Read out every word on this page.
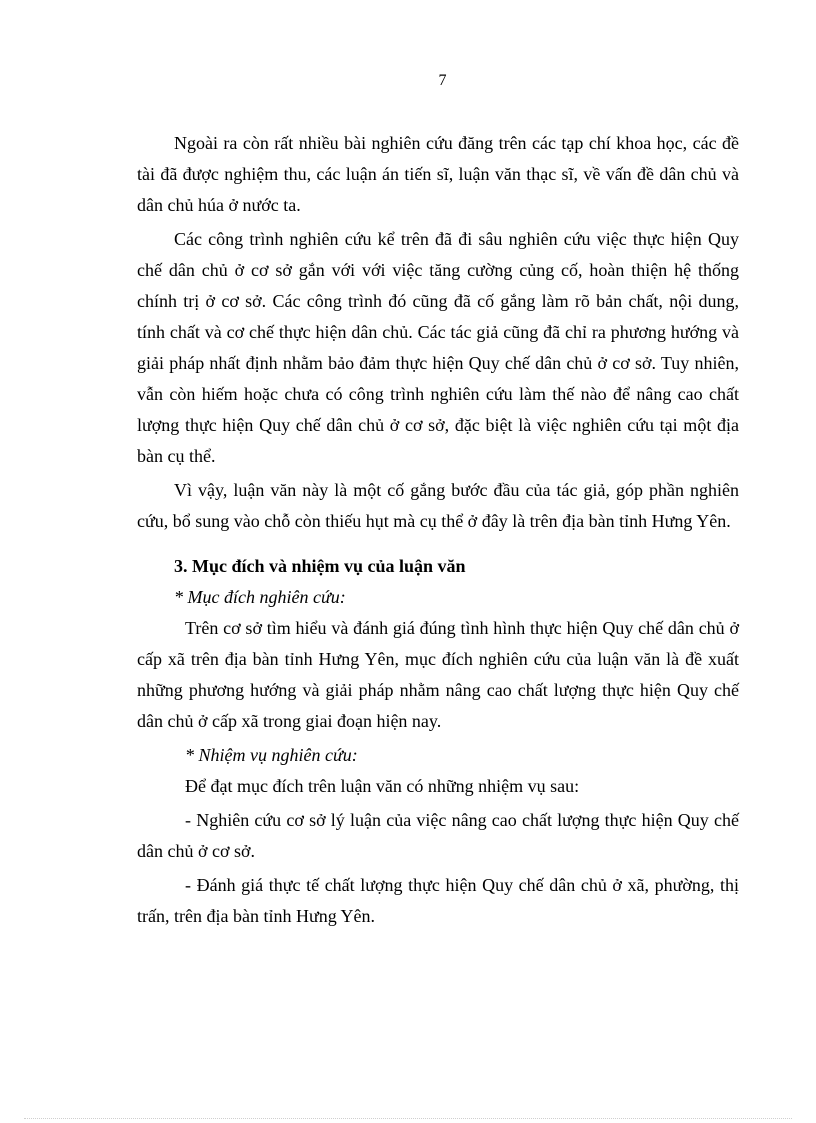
7

Ngoài ra còn rất nhiều bài nghiên cứu đăng trên các tạp chí khoa học, các đề tài đã được nghiệm thu, các luận án tiến sĩ, luận văn thạc sĩ, về vấn đề dân chủ và dân chủ húa ở nước ta.

Các công trình nghiên cứu kể trên đã đi sâu nghiên cứu việc thực hiện Quy chế dân chủ ở cơ sở gắn với với việc tăng cường củng cố, hoàn thiện hệ thống chính trị ở cơ sở. Các công trình đó cũng đã cố gắng làm rõ bản chất, nội dung, tính chất và cơ chế thực hiện dân chủ. Các tác giả cũng đã chỉ ra phương hướng và giải pháp nhất định nhằm bảo đảm thực hiện Quy chế dân chủ ở cơ sở. Tuy nhiên, vẫn còn hiếm hoặc chưa có công trình nghiên cứu làm thế nào để nâng cao chất lượng thực hiện Quy chế dân chủ ở cơ sở, đặc biệt là việc nghiên cứu tại một địa bàn cụ thể.

Vì vậy, luận văn này là một cố gắng bước đầu của tác giả, góp phần nghiên cứu, bổ sung vào chỗ còn thiếu hụt mà cụ thể ở đây là trên địa bàn tỉnh Hưng Yên.

3. Mục đích và nhiệm vụ của luận văn
* Mục đích nghiên cứu:

Trên cơ sở tìm hiểu và đánh giá đúng tình hình thực hiện Quy chế dân chủ ở cấp xã trên địa bàn tỉnh Hưng Yên, mục đích nghiên cứu của luận văn là đề xuất những phương hướng và giải pháp nhằm nâng cao chất lượng thực hiện Quy chế dân chủ ở cấp xã trong giai đoạn hiện nay.

* Nhiệm vụ nghiên cứu:

Để đạt mục đích trên luận văn có những nhiệm vụ sau:

- Nghiên cứu cơ sở lý luận của việc nâng cao chất lượng thực hiện Quy chế dân chủ ở cơ sở.

- Đánh giá thực tế chất lượng thực hiện Quy chế dân chủ ở xã, phường, thị trấn, trên địa bàn tỉnh Hưng Yên.
